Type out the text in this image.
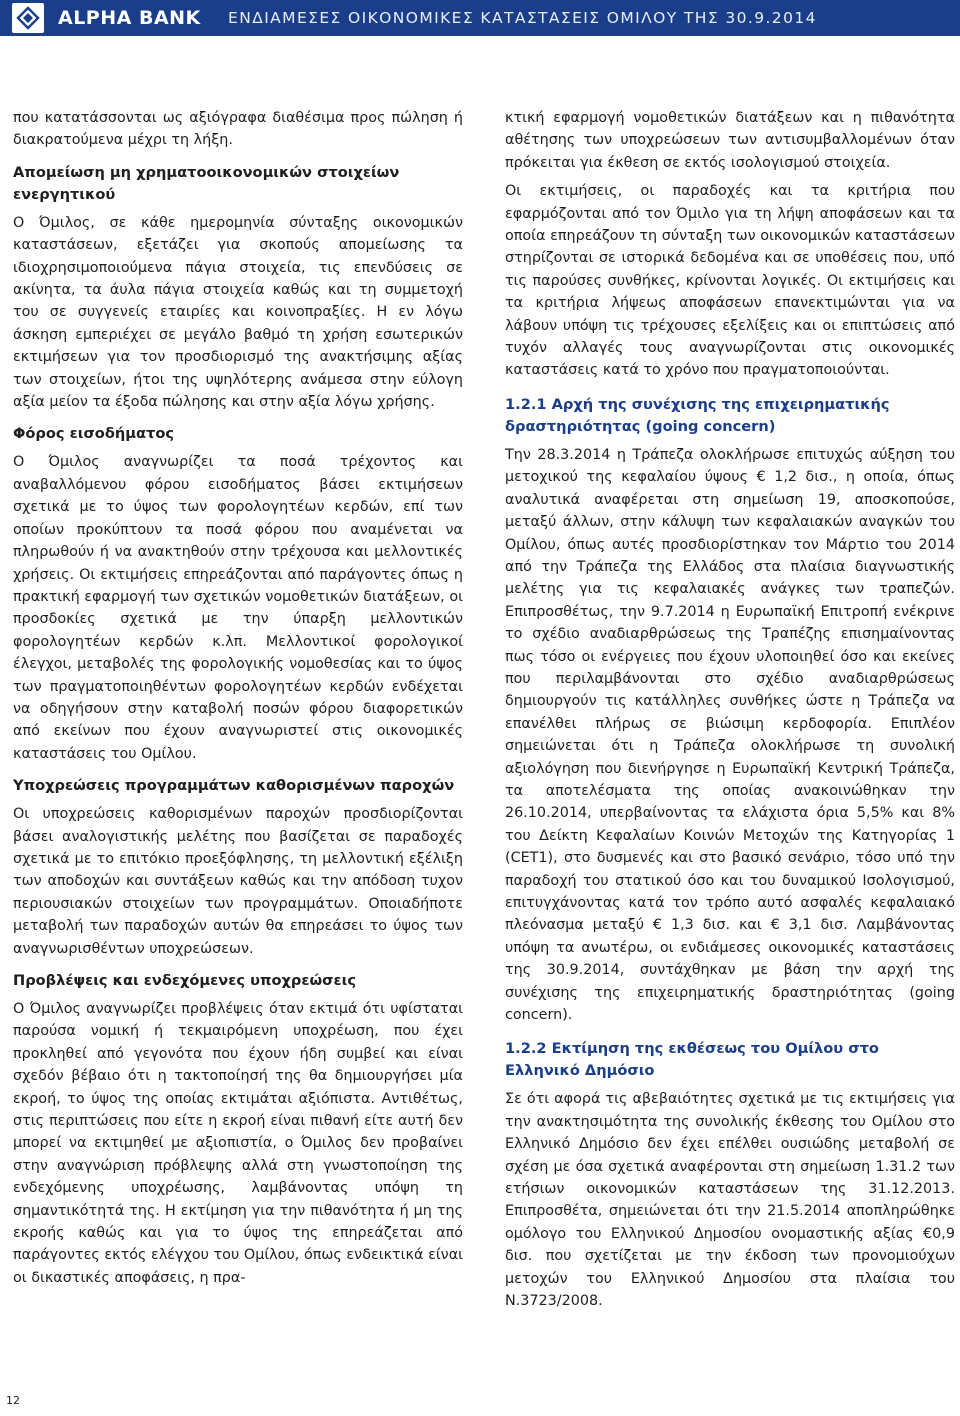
ALPHA BANK ΕΝΔΙΑΜΕΣΕΣ ΟΙΚΟΝΟΜΙΚΕΣ ΚΑΤΑΣΤΑΣΕΙΣ ΟΜΙΛΟΥ ΤΗΣ 30.9.2014

που κατατάσσονται ως αξιόγραφα διαθέσιμα προς πώληση ή διακρατούμενα μέχρι τη λήξη.

Απομείωση μη χρηματοοικονομικών στοιχείων ενεργητικού

Ο Όμιλος, σε κάθε ημερομηνία σύνταξης οικονομικών καταστάσεων, εξετάζει για σκοπούς απομείωσης τα ιδιοχρησιμοποιούμενα πάγια στοιχεία, τις επενδύσεις σε ακίνητα, τα άυλα πάγια στοιχεία καθώς και τη συμμετοχή του σε συγγενείς εταιρίες και κοινοπραξίες. Η εν λόγω άσκηση εμπεριέχει σε μεγάλο βαθμό τη χρήση εσωτερικών εκτιμήσεων για τον προσδιορισμό της ανακτήσιμης αξίας των στοιχείων, ήτοι της υψηλότερης ανάμεσα στην εύλογη αξία μείον τα έξοδα πώλησης και στην αξία λόγω χρήσης.

Φόρος εισοδήματος

Ο Όμιλος αναγνωρίζει τα ποσά τρέχοντος και αναβαλλόμενου φόρου εισοδήματος βάσει εκτιμήσεων σχετικά με το ύψος των φορολογητέων κερδών, επί των οποίων προκύπτουν τα ποσά φόρου που αναμένεται να πληρωθούν ή να ανακτηθούν στην τρέχουσα και μελλοντικές χρήσεις. Οι εκτιμήσεις επηρεάζονται από παράγοντες όπως η πρακτική εφαρμογή των σχετικών νομοθετικών διατάξεων, οι προσδοκίες σχετικά με την ύπαρξη μελλοντικών φορολογητέων κερδών κ.λπ. Μελλοντικοί φορολογικοί έλεγχοι, μεταβολές της φορολογικής νομοθεσίας και το ύψος των πραγματοποιηθέντων φορολογητέων κερδών ενδέχεται να οδηγήσουν στην καταβολή ποσών φόρου διαφορετικών από εκείνων που έχουν αναγνωριστεί στις οικονομικές καταστάσεις του Ομίλου.

Υποχρεώσεις προγραμμάτων καθορισμένων παροχών

Οι υποχρεώσεις καθορισμένων παροχών προσδιορίζονται βάσει αναλογιστικής μελέτης που βασίζεται σε παραδοχές σχετικά με το επιτόκιο προεξόφλησης, τη μελλοντική εξέλιξη των αποδοχών και συντάξεων καθώς και την απόδοση τυχον περιουσιακών στοιχείων των προγραμμάτων. Οποιαδήποτε μεταβολή των παραδοχών αυτών θα επηρεάσει το ύψος των αναγνωρισθέντων υποχρεώσεων.

Προβλέψεις και ενδεχόμενες υποχρεώσεις

Ο Όμιλος αναγνωρίζει προβλέψεις όταν εκτιμά ότι υφίσταται παρούσα νομική ή τεκμαιρόμενη υποχρέωση, που έχει προκληθεί από γεγονότα που έχουν ήδη συμβεί και είναι σχεδόν βέβαιο ότι η τακτοποίησή της θα δημιουργήσει μία εκροή, το ύψος της οποίας εκτιμάται αξιόπιστα. Αντιθέτως, στις περιπτώσεις που είτε η εκροή είναι πιθανή είτε αυτή δεν μπορεί να εκτιμηθεί με αξιοπιστία, ο Όμιλος δεν προβαίνει στην αναγνώριση πρόβλεψης αλλά στη γνωστοποίηση της ενδεχόμενης υποχρέωσης, λαμβάνοντας υπόψη τη σημαντικότητά της. Η εκτίμηση για την πιθανότητα ή μη της εκροής καθώς και για το ύψος της επηρεάζεται από παράγοντες εκτός ελέγχου του Ομίλου, όπως ενδεικτικά είναι οι δικαστικές αποφάσεις, η πρα-

κτική εφαρμογή νομοθετικών διατάξεων και η πιθανότητα αθέτησης των υποχρεώσεων των αντισυμβαλλομένων όταν πρόκειται για έκθεση σε εκτός ισολογισμού στοιχεία.

Οι εκτιμήσεις, οι παραδοχές και τα κριτήρια που εφαρμόζονται από τον Όμιλο για τη λήψη αποφάσεων και τα οποία επηρεάζουν τη σύνταξη των οικονομικών καταστάσεων στηρίζονται σε ιστορικά δεδομένα και σε υποθέσεις που, υπό τις παρούσες συνθήκες, κρίνονται λογικές. Οι εκτιμήσεις και τα κριτήρια λήψεως αποφάσεων επανεκτιμώνται για να λάβουν υπόψη τις τρέχουσες εξελίξεις και οι επιπτώσεις από τυχόν αλλαγές τους αναγνωρίζονται στις οικονομικές καταστάσεις κατά το χρόνο που πραγματοποιούνται.

1.2.1 Αρχή της συνέχισης της επιχειρηματικής δραστηριότητας (going concern)

Την 28.3.2014 η Τράπεζα ολοκλήρωσε επιτυχώς αύξηση του μετοχικού της κεφαλαίου ύψους € 1,2 δισ., η οποία, όπως αναλυτικά αναφέρεται στη σημείωση 19, αποσκοπούσε, μεταξύ άλλων, στην κάλυψη των κεφαλαιακών αναγκών του Ομίλου, όπως αυτές προσδιορίστηκαν τον Μάρτιο του 2014 από την Τράπεζα της Ελλάδος στα πλαίσια διαγνωστικής μελέτης για τις κεφαλαιακές ανάγκες των τραπεζών. Επιπροσθέτως, την 9.7.2014 η Ευρωπαϊκή Επιτροπή ενέκρινε το σχέδιο αναδιαρθρώσεως της Τραπέζης επισημαίνοντας πως τόσο οι ενέργειες που έχουν υλοποιηθεί όσο και εκείνες που περιλαμβάνονται στο σχέδιο αναδιαρθρώσεως δημιουργούν τις κατάλληλες συνθήκες ώστε η Τράπεζα να επανέλθει πλήρως σε βιώσιμη κερδοφορία. Επιπλέον σημειώνεται ότι η Τράπεζα ολοκλήρωσε τη συνολική αξιολόγηση που διενήργησε η Ευρωπαϊκή Κεντρική Τράπεζα, τα αποτελέσματα της οποίας ανακοινώθηκαν την 26.10.2014, υπερβαίνοντας τα ελάχιστα όρια 5,5% και 8% του Δείκτη Κεφαλαίων Κοινών Μετοχών της Κατηγορίας 1 (CET1), στο δυσμενές και στο βασικό σενάριο, τόσο υπό την παραδοχή του στατικού όσο και του δυναμικού Ισολογισμού, επιτυγχάνοντας κατά τον τρόπο αυτό ασφαλές κεφαλαιακό πλεόνασμα μεταξύ € 1,3 δισ. και € 3,1 δισ. Λαμβάνοντας υπόψη τα ανωτέρω, οι ενδιάμεσες οικονομικές καταστάσεις της 30.9.2014, συντάχθηκαν με βάση την αρχή της συνέχισης της επιχειρηματικής δραστηριότητας (going concern).

1.2.2 Εκτίμηση της εκθέσεως του Ομίλου στο Ελληνικό Δημόσιο

Σε ότι αφορά τις αβεβαιότητες σχετικά με τις εκτιμήσεις για την ανακτησιμότητα της συνολικής έκθεσης του Ομίλου στο Ελληνικό Δημόσιο δεν έχει επέλθει ουσιώδης μεταβολή σε σχέση με όσα σχετικά αναφέρονται στη σημείωση 1.31.2 των ετήσιων οικονομικών καταστάσεων της 31.12.2013. Επιπροσθέτα, σημειώνεται ότι την 21.5.2014 αποπληρώθηκε ομόλογο του Ελληνικού Δημοσίου ονομαστικής αξίας €0,9 δισ. που σχετίζεται με την έκδοση των προνομιούχων μετοχών του Ελληνικού Δημοσίου στα πλαίσια του Ν.3723/2008.

12
